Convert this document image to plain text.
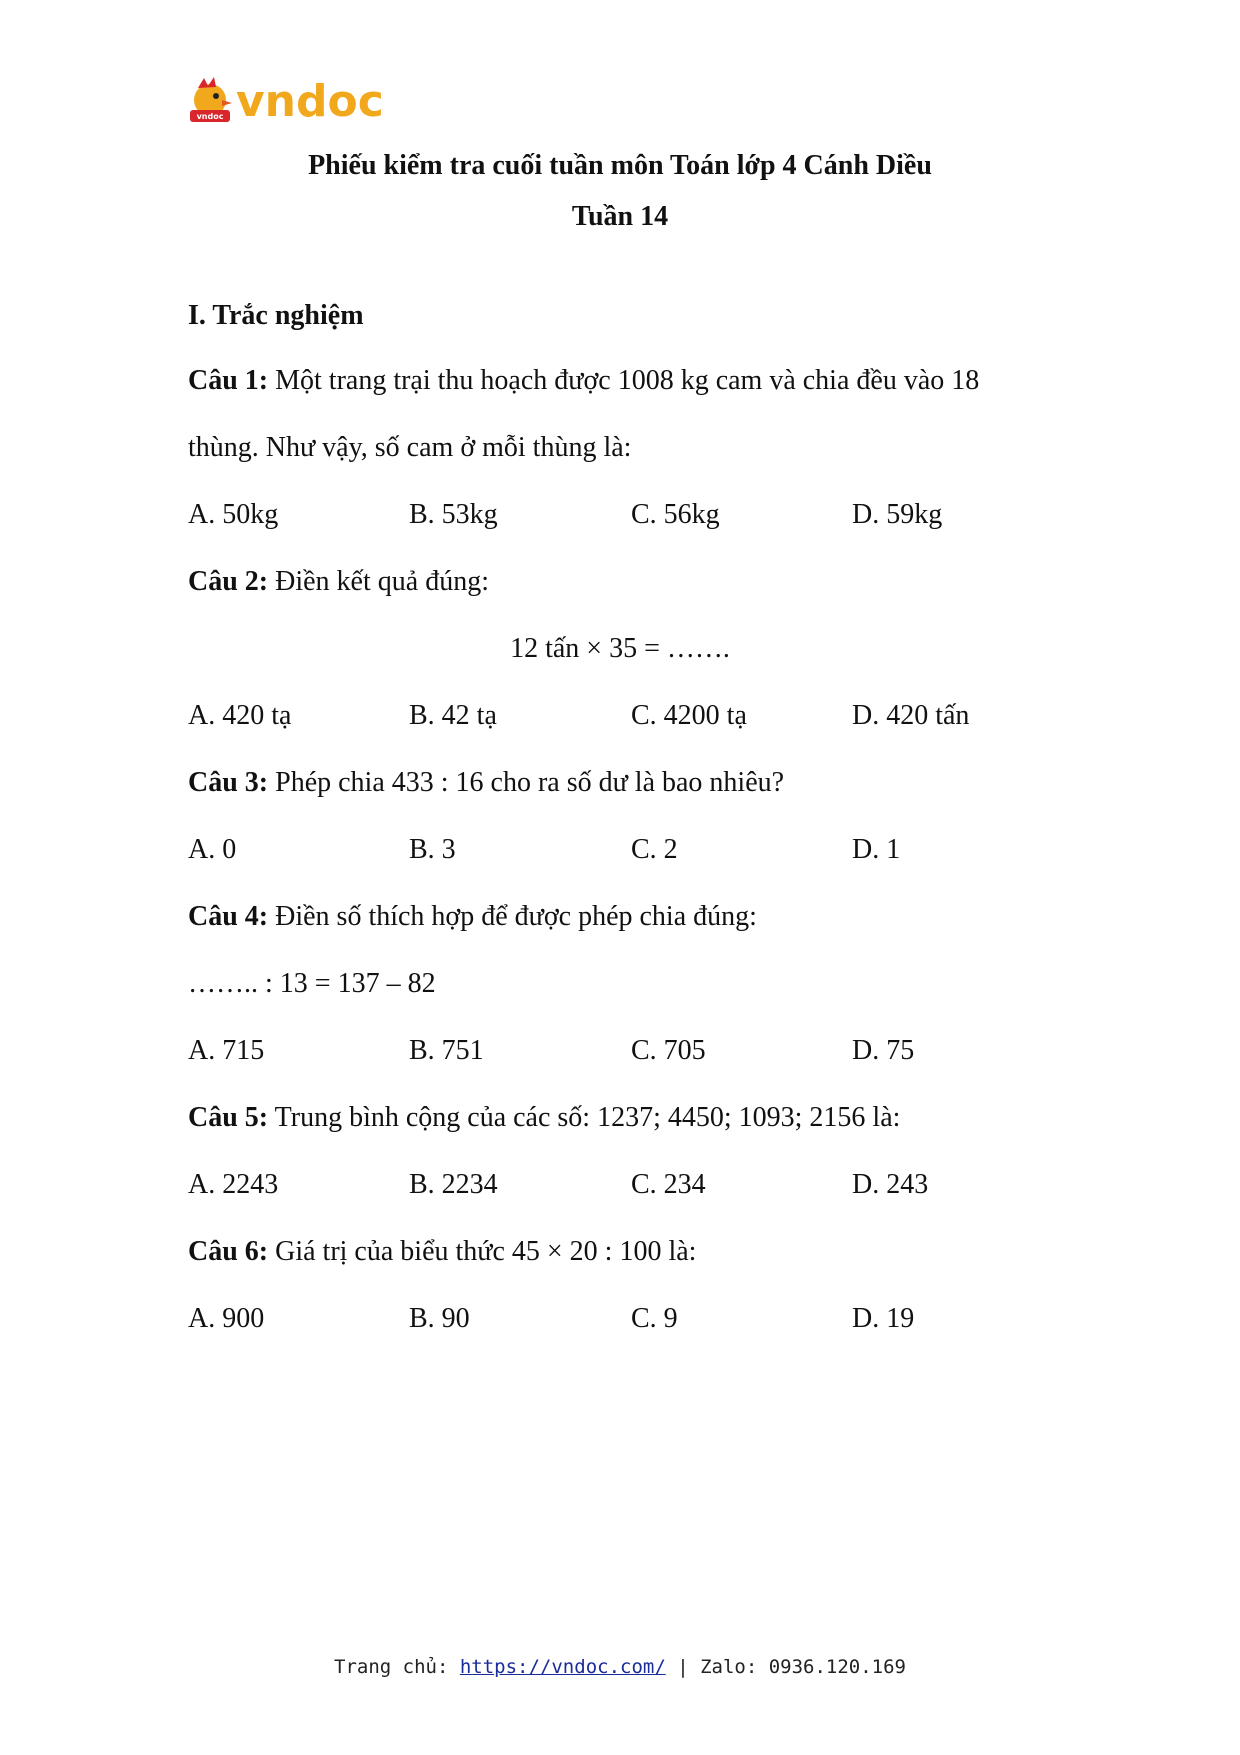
vndoc vndoc
Phiếu kiểm tra cuối tuần môn Toán lớp 4 Cánh Diều
Tuần 14
I. Trắc nghiệm
Câu 1: Một trang trại thu hoạch được 1008 kg cam và chia đều vào 18
thùng. Như vậy, số cam ở mỗi thùng là:
A. 50kg	B. 53kg	C. 56kg	D. 59kg
Câu 2: Điền kết quả đúng:
12 tấn × 35 = …….
A. 420 tạ	B. 42 tạ	C. 4200 tạ	D. 420 tấn
Câu 3: Phép chia 433 : 16 cho ra số dư là bao nhiêu?
A. 0	B. 3	C. 2	D. 1
Câu 4: Điền số thích hợp để được phép chia đúng:
…….. : 13 = 137 – 82
A. 715	B. 751	C. 705	D. 75
Câu 5: Trung bình cộng của các số: 1237; 4450; 1093; 2156 là:
A. 2243	B. 2234	C. 234	D. 243
Câu 6: Giá trị của biểu thức 45 × 20 : 100 là:
A. 900	B. 90	C. 9	D. 19
Trang chủ: https://vndoc.com/ | Zalo: 0936.120.169
